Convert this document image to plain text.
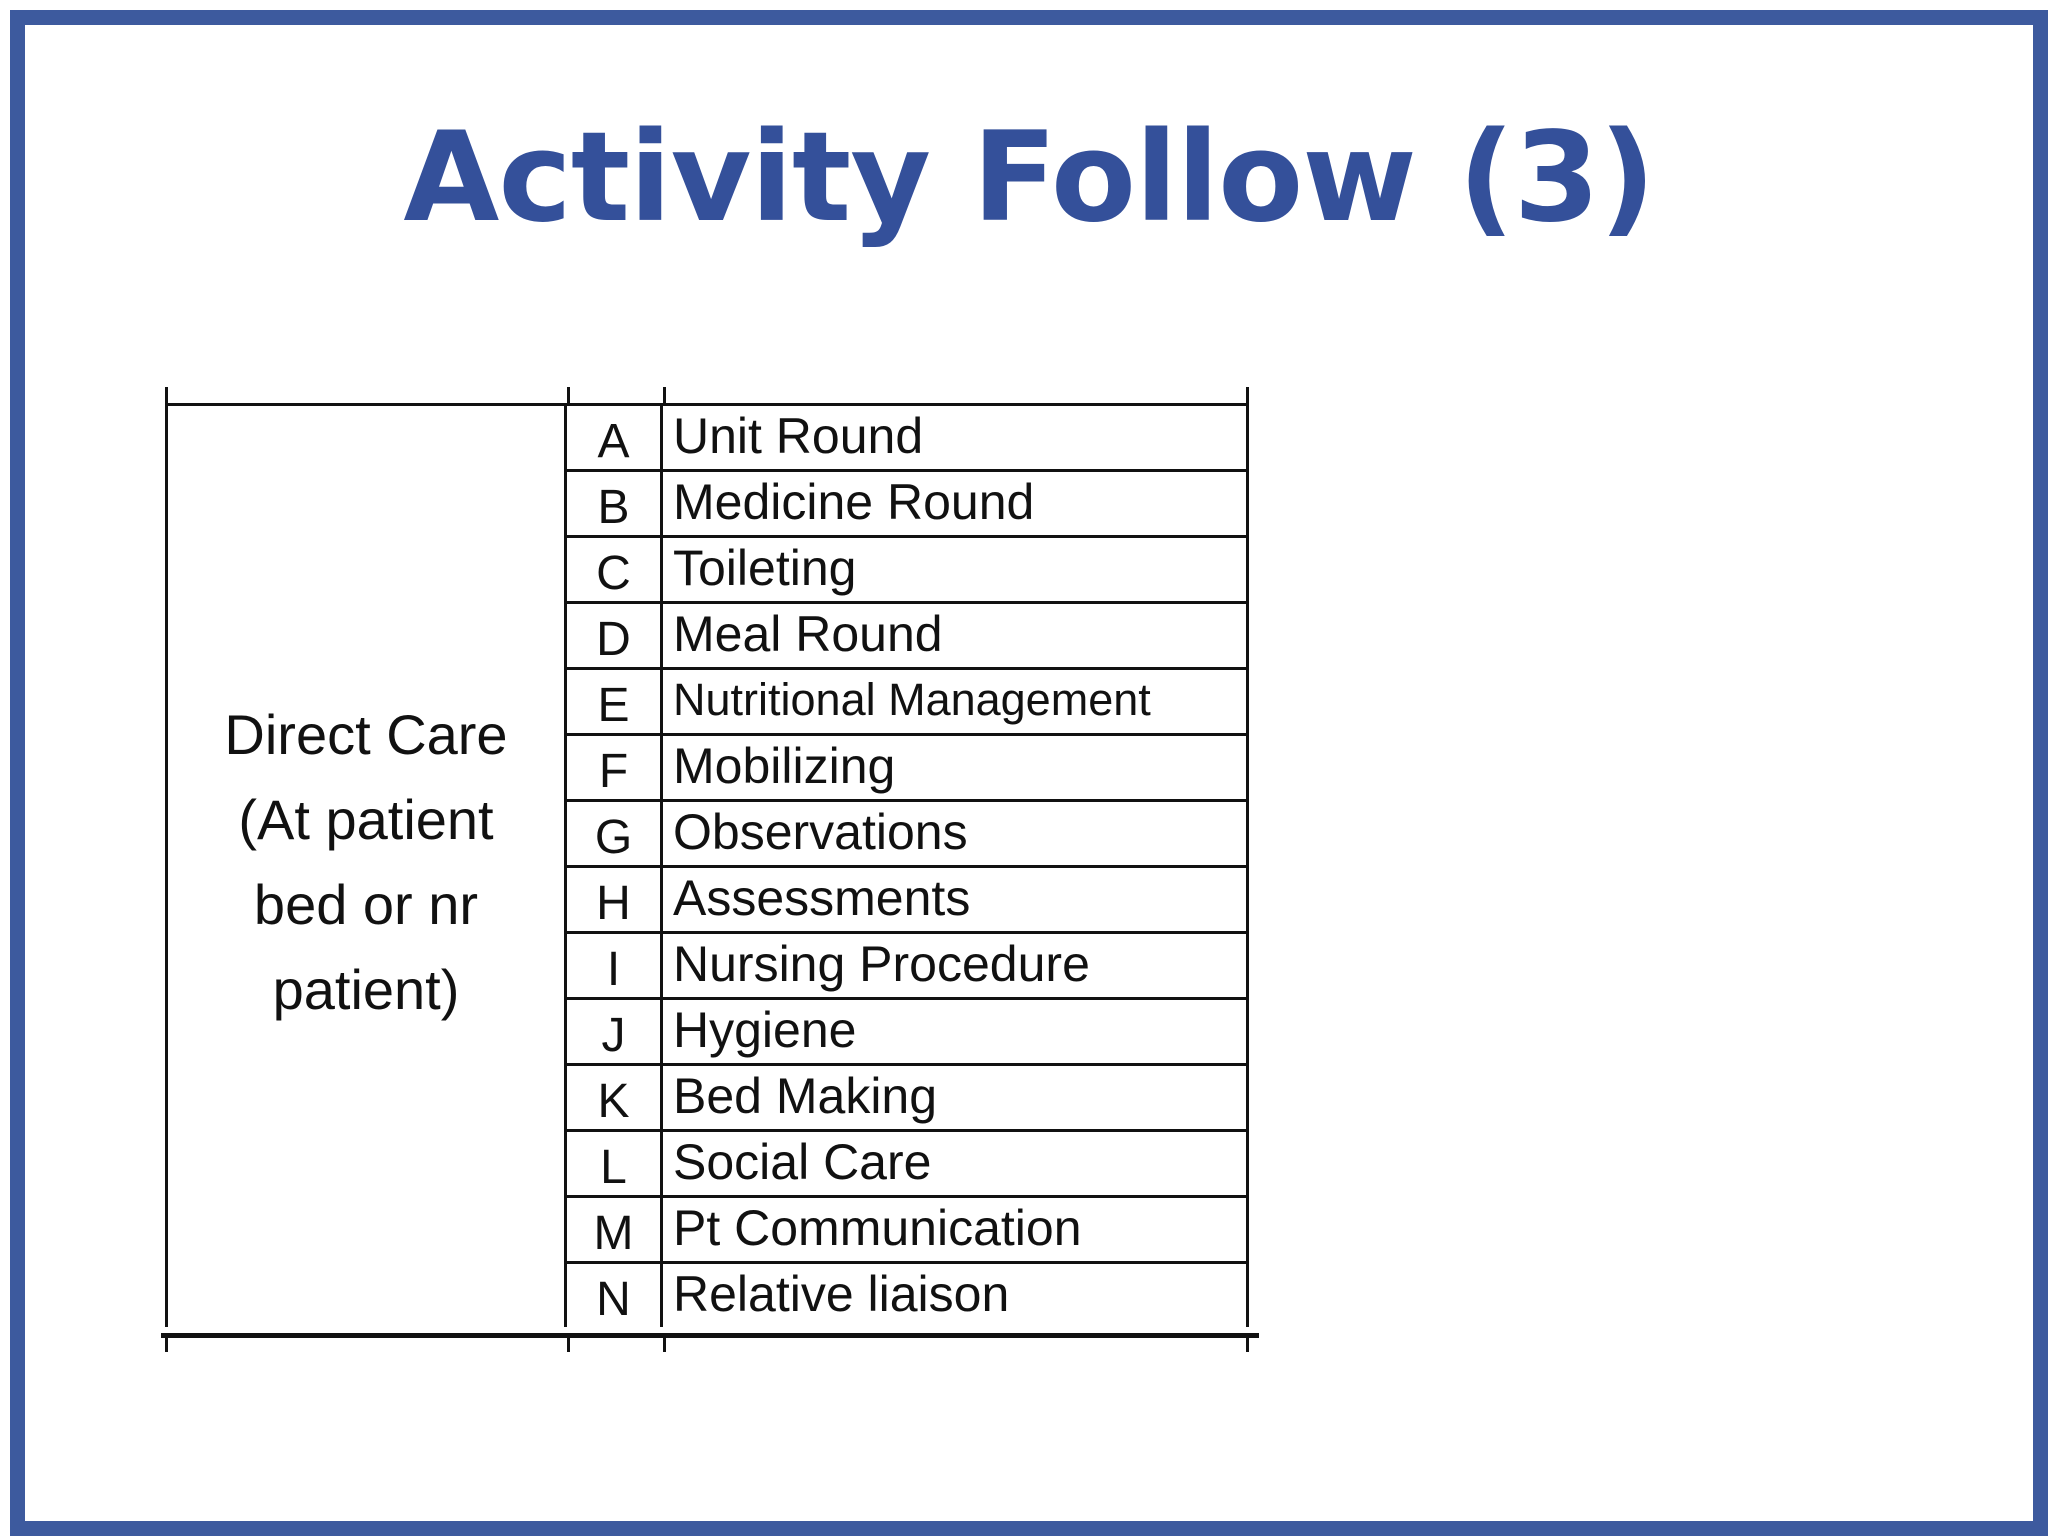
Activity Follow (3)
Direct Care
(At patient
bed or nr
patient)
A Unit Round
B Medicine Round
C Toileting
D Meal Round
E Nutritional Management
F Mobilizing
G Observations
H Assessments
I	Nursing Procedure
J Hygiene
K Bed Making
L Social Care
M Pt Communication
N Relative liaison
